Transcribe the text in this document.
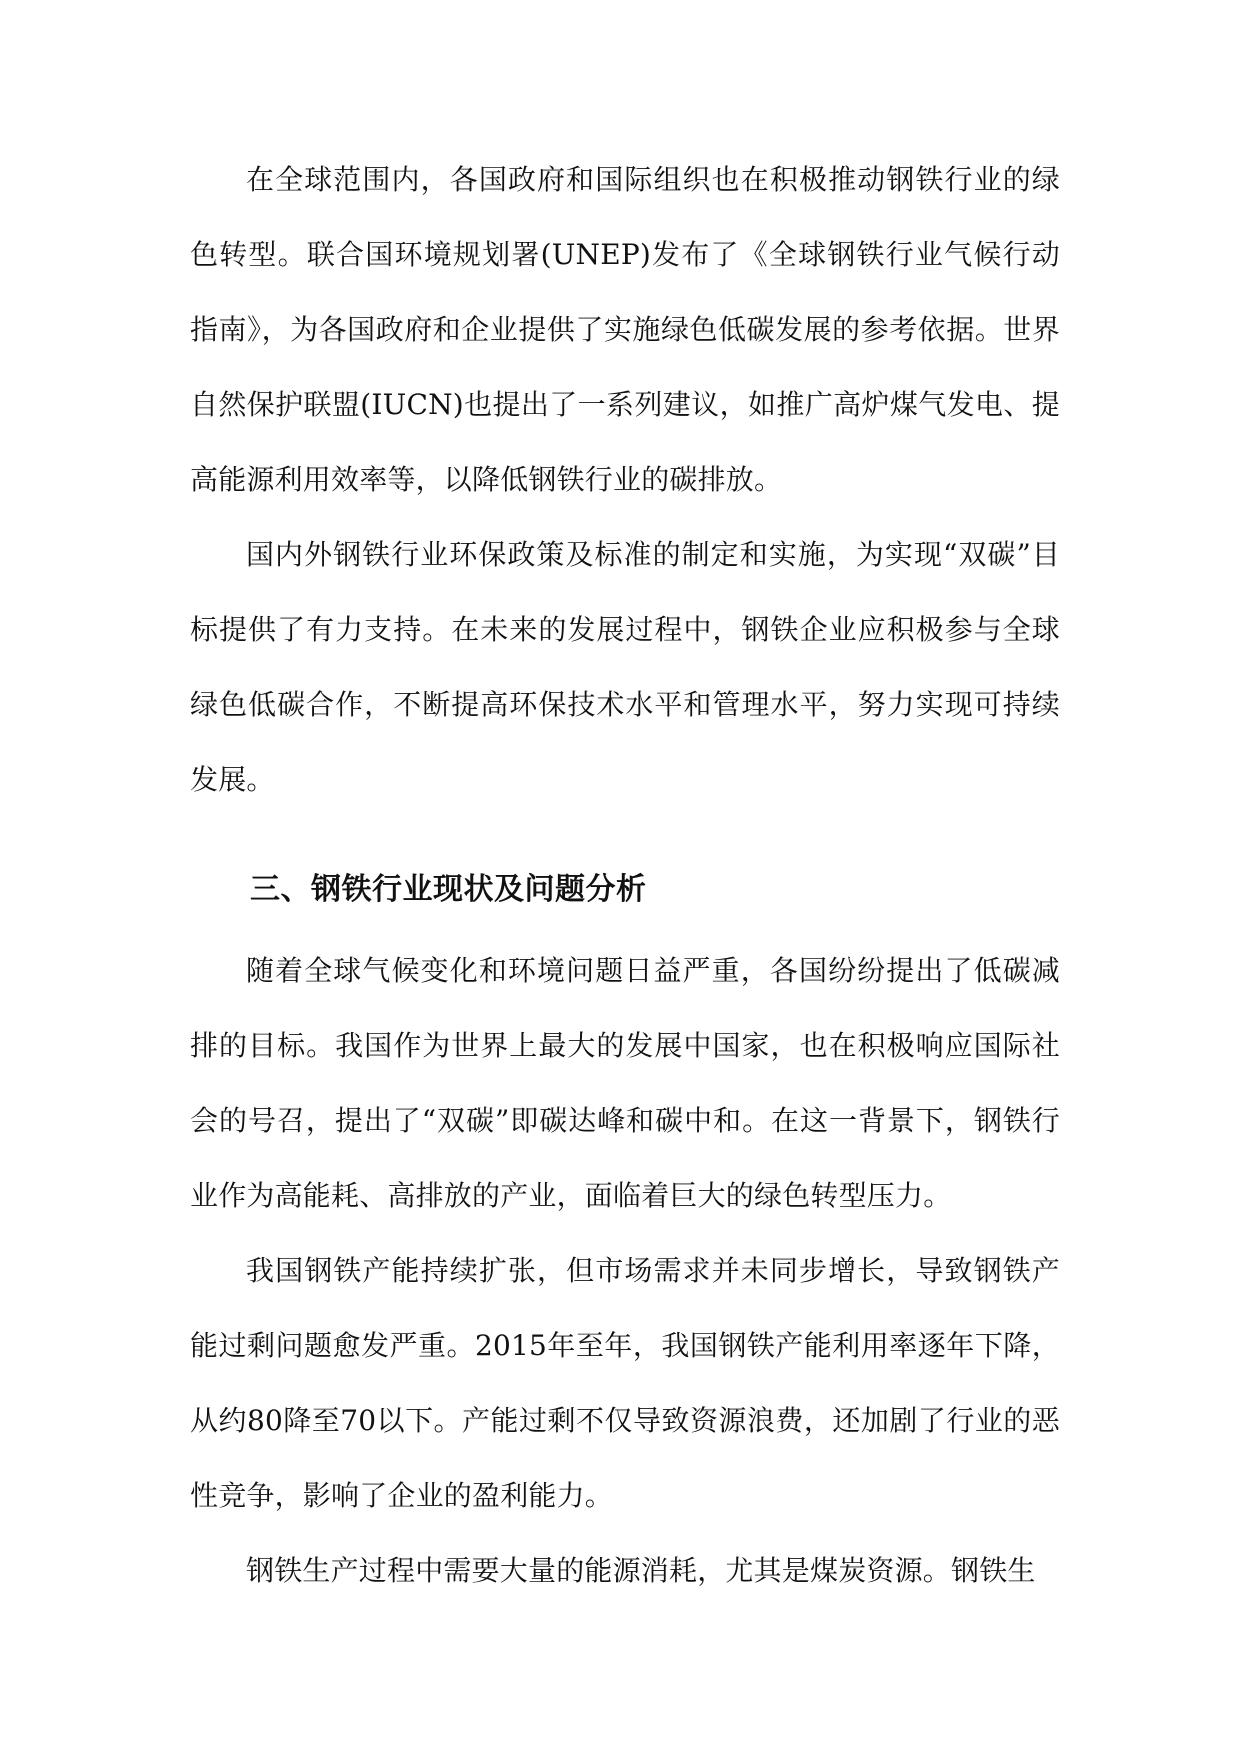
在全球范围内，各国政府和国际组织也在积极推动钢铁行业的绿色转型。联合国环境规划署(UNEP)发布了《全球钢铁行业气候行动指南》，为各国政府和企业提供了实施绿色低碳发展的参考依据。世界自然保护联盟(IUCN)也提出了一系列建议，如推广高炉煤气发电、提高能源利用效率等，以降低钢铁行业的碳排放。

国内外钢铁行业环保政策及标准的制定和实施，为实现“双碳”目标提供了有力支持。在未来的发展过程中，钢铁企业应积极参与全球绿色低碳合作，不断提高环保技术水平和管理水平，努力实现可持续发展。

三、钢铁行业现状及问题分析

随着全球气候变化和环境问题日益严重，各国纷纷提出了低碳减排的目标。我国作为世界上最大的发展中国家，也在积极响应国际社会的号召，提出了“双碳”即碳达峰和碳中和。在这一背景下，钢铁行业作为高能耗、高排放的产业，面临着巨大的绿色转型压力。

我国钢铁产能持续扩张，但市场需求并未同步增长，导致钢铁产能过剩问题愈发严重。2015年至年，我国钢铁产能利用率逐年下降，从约80降至70以下。产能过剩不仅导致资源浪费，还加剧了行业的恶性竞争，影响了企业的盈利能力。

钢铁生产过程中需要大量的能源消耗，尤其是煤炭资源。钢铁生
